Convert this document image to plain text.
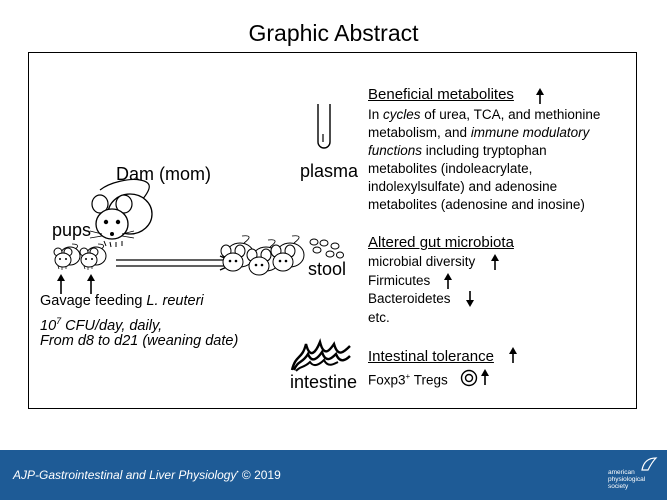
Graphic Abstract
Dam (mom)
pups
Gavage feeding L. reuteri
$10^7$ CFU/day, daily,
From d8 to d21 (weaning date)
plasma
stool
intestine
Beneficial metabolites
In cycles of urea, TCA, and methionine
metabolism, and immune modulatory
functions including tryptophan
metabolites (indoleacrylate,
indolexylsulfate) and adenosine
metabolites (adenosine and inosine)
Altered gut microbiota
microbial diversity
Firmicutes
Bacteroidetes
etc.
Intestinal tolerance
Foxp3+ Tregs
AJP-Gastrointestinal and Liver Physiology• © 2019	american
physiological
society
